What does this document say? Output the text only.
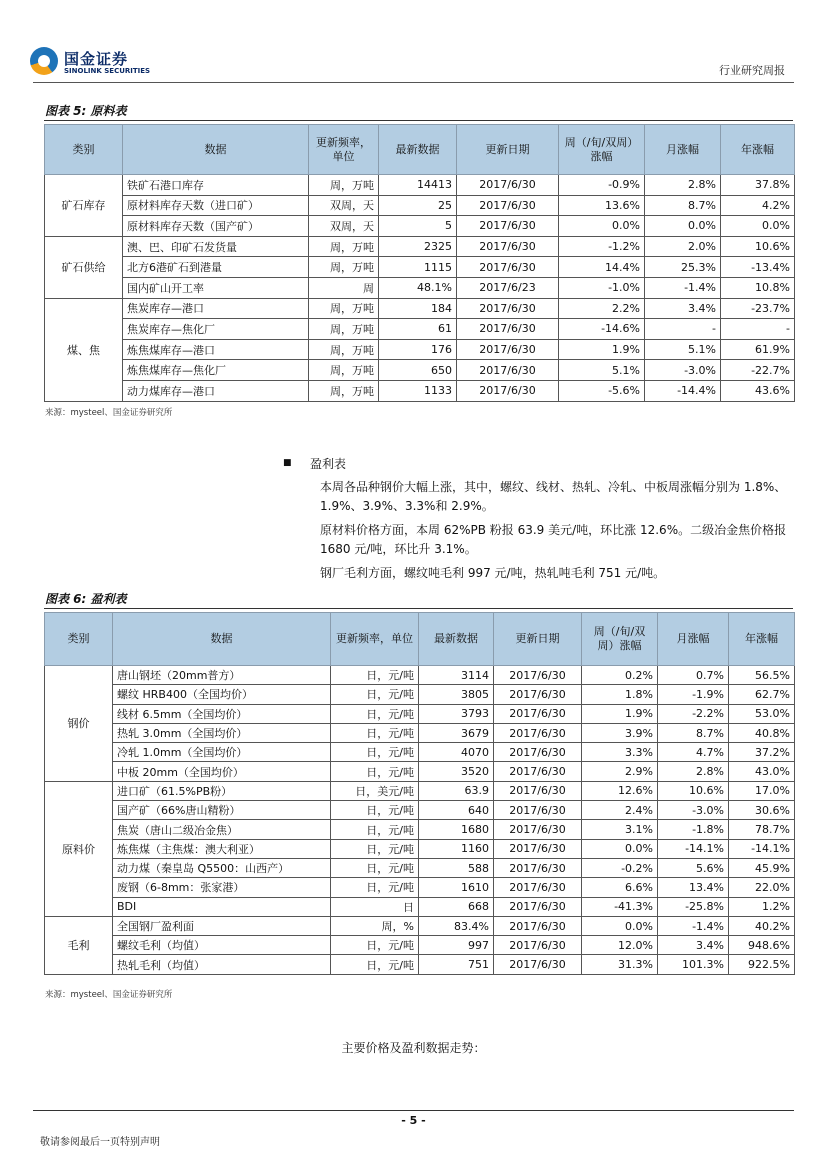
国金证券
SINOLINK SECURITIES	行业研究周报
图表 5: 原料表
类别	数据	更新频率，单位	最新数据	更新日期	周（/旬/双周）涨幅	月涨幅	年涨幅
矿石库存	铁矿石港口库存	周，万吨	14413	2017/6/30	-0.9%	2.8%	37.8%
	原材料库存天数（进口矿）	双周，天	25	2017/6/30	13.6%	8.7%	4.2%
	原材料库存天数（国产矿）	双周，天	5	2017/6/30	0.0%	0.0%	0.0%
矿石供给	澳、巴、印矿石发货量	周，万吨	2325	2017/6/30	-1.2%	2.0%	10.6%
	北方6港矿石到港量	周，万吨	1115	2017/6/30	14.4%	25.3%	-13.4%
	国内矿山开工率	周	48.1%	2017/6/23	-1.0%	-1.4%	10.8%
煤、焦	焦炭库存—港口	周，万吨	184	2017/6/30	2.2%	3.4%	-23.7%
	焦炭库存—焦化厂	周，万吨	61	2017/6/30	-14.6%	-	-
	炼焦煤库存—港口	周，万吨	176	2017/6/30	1.9%	5.1%	61.9%
	炼焦煤库存—焦化厂	周，万吨	650	2017/6/30	5.1%	-3.0%	-22.7%
	动力煤库存—港口	周，万吨	1133	2017/6/30	-5.6%	-14.4%	43.6%
来源：mysteel、国金证券研究所
■ 盈利表
本周各品种钢价大幅上涨，其中，螺纹、线材、热轧、冷轧、中板周涨幅分别为 1.8%、1.9%、3.9%、3.3%和 2.9%。
原材料价格方面，本周 62%PB 粉报 63.9 美元/吨，环比涨 12.6%。二级冶金焦价格报 1680 元/吨，环比升 3.1%。
钢厂毛利方面，螺纹吨毛利 997 元/吨，热轧吨毛利 751 元/吨。
图表 6: 盈利表
类别	数据	更新频率，单位	最新数据	更新日期	周（/旬/双周）涨幅	月涨幅	年涨幅
钢价	唐山钢坯（20mm普方）	日，元/吨	3114	2017/6/30	0.2%	0.7%	56.5%
	螺纹 HRB400（全国均价）	日，元/吨	3805	2017/6/30	1.8%	-1.9%	62.7%
	线材 6.5mm（全国均价）	日，元/吨	3793	2017/6/30	1.9%	-2.2%	53.0%
	热轧 3.0mm（全国均价）	日，元/吨	3679	2017/6/30	3.9%	8.7%	40.8%
	冷轧 1.0mm（全国均价）	日，元/吨	4070	2017/6/30	3.3%	4.7%	37.2%
	中板 20mm（全国均价）	日，元/吨	3520	2017/6/30	2.9%	2.8%	43.0%
原料价	进口矿（61.5%PB粉）	日，美元/吨	63.9	2017/6/30	12.6%	10.6%	17.0%
	国产矿（66%唐山精粉）	日，元/吨	640	2017/6/30	2.4%	-3.0%	30.6%
	焦炭（唐山二级冶金焦）	日，元/吨	1680	2017/6/30	3.1%	-1.8%	78.7%
	炼焦煤（主焦煤：澳大利亚）	日，元/吨	1160	2017/6/30	0.0%	-14.1%	-14.1%
	动力煤（秦皇岛 Q5500：山西产）	日，元/吨	588	2017/6/30	-0.2%	5.6%	45.9%
	废钢（6-8mm：张家港）	日，元/吨	1610	2017/6/30	6.6%	13.4%	22.0%
	BDI	日	668	2017/6/30	-41.3%	-25.8%	1.2%
毛利	全国钢厂盈利面	周，%	83.4%	2017/6/30	0.0%	-1.4%	40.2%
	螺纹毛利（均值）	日，元/吨	997	2017/6/30	12.0%	3.4%	948.6%
	热轧毛利（均值）	日，元/吨	751	2017/6/30	31.3%	101.3%	922.5%
来源：mysteel、国金证券研究所
主要价格及盈利数据走势：
- 5 -
敬请参阅最后一页特别声明
